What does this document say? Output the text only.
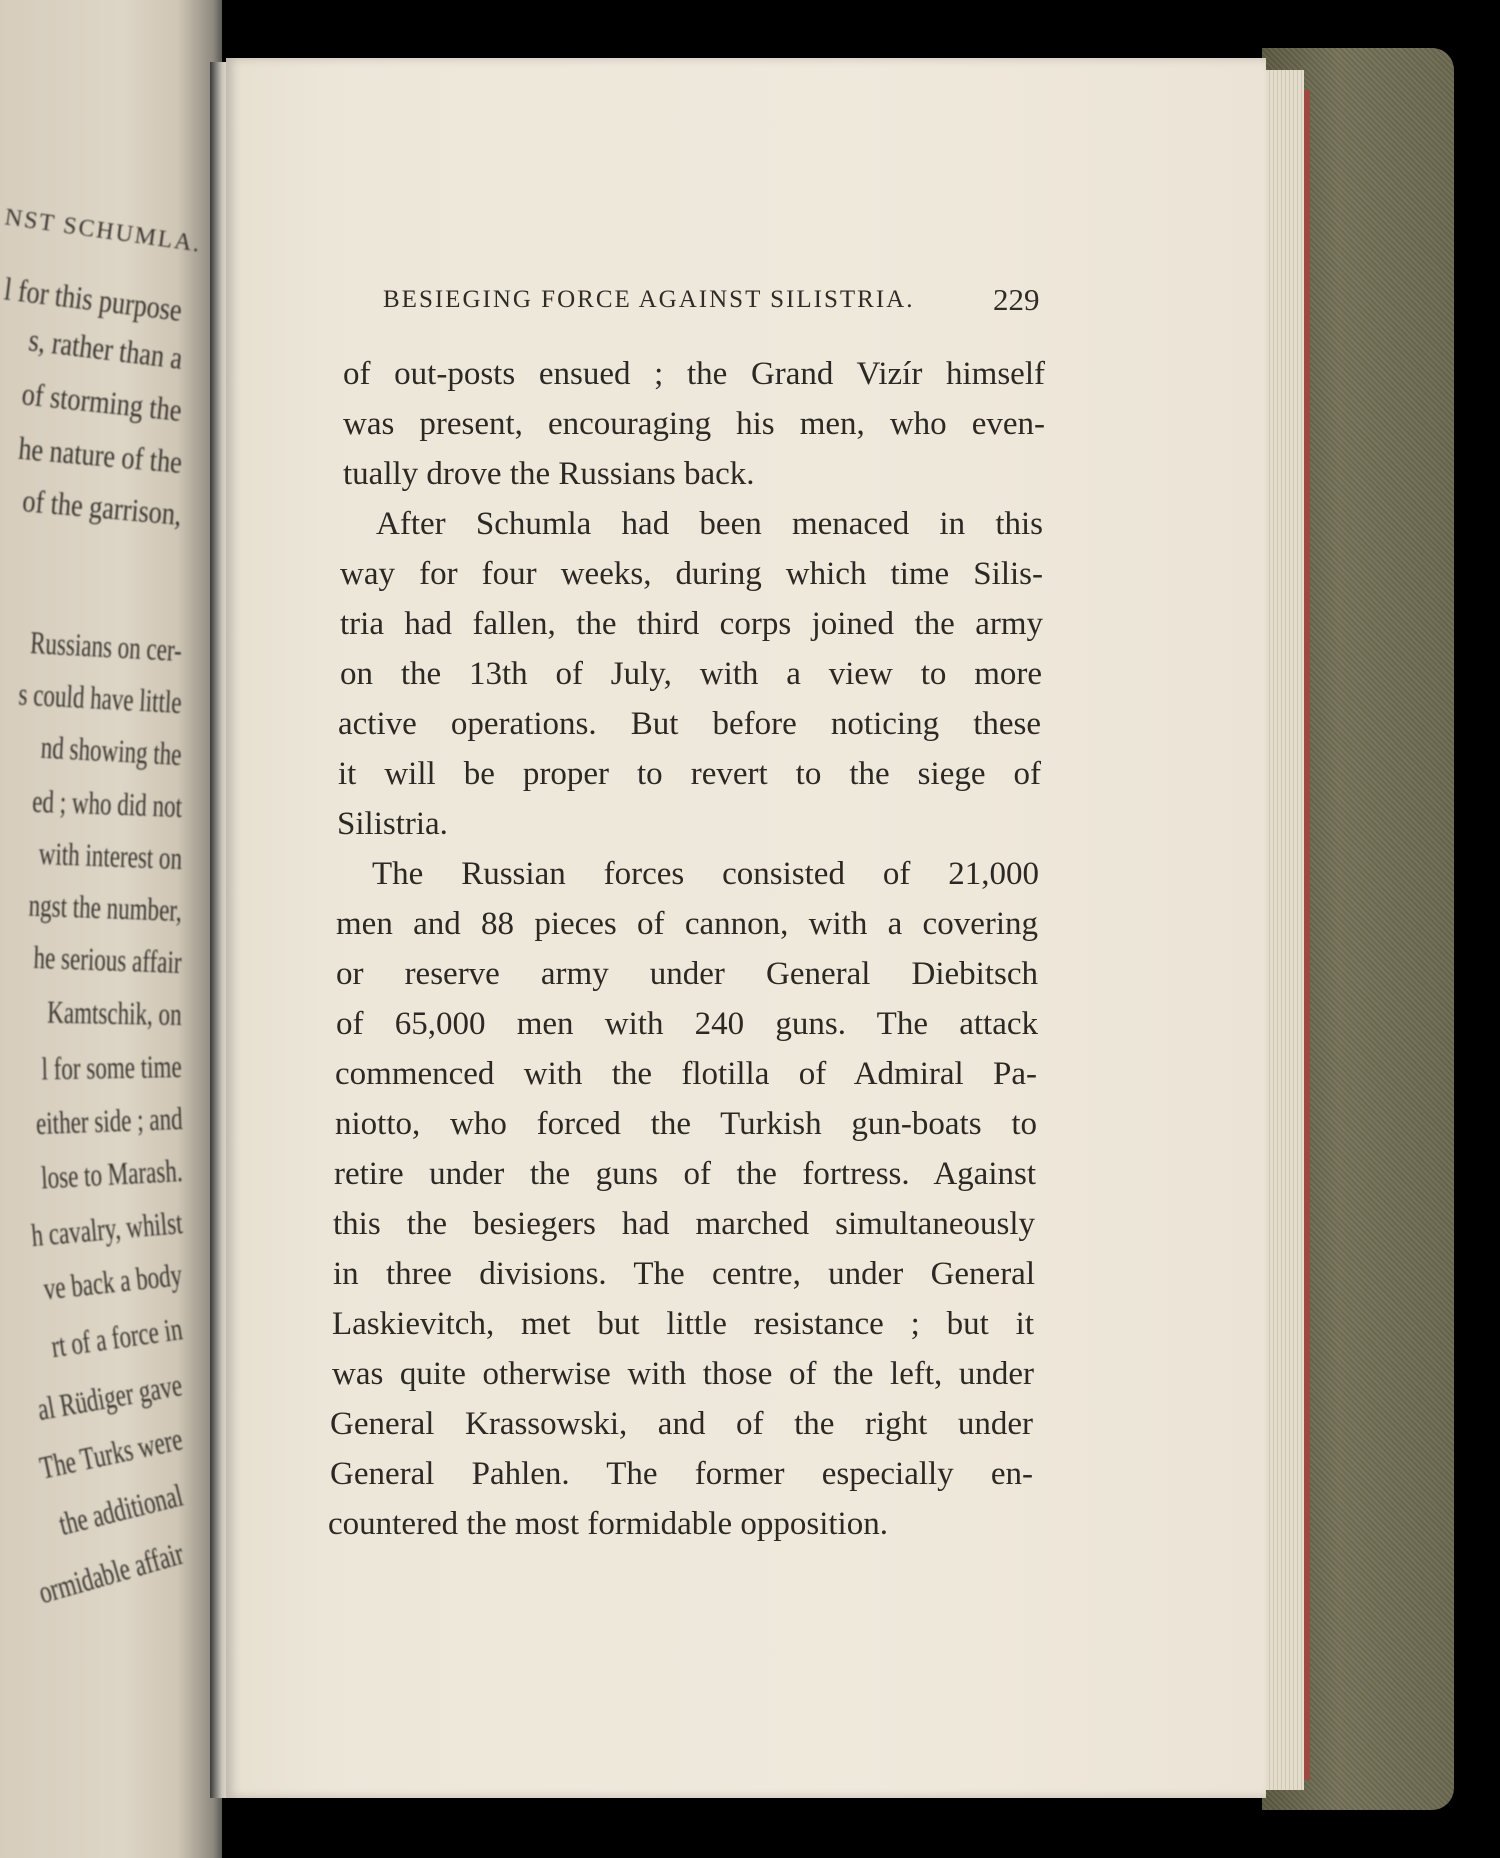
NST SCHUMLA.
l for this purpose
s, rather than a
of storming the
he nature of the
of the garrison,
Russians on cer-
s could have little
nd showing the
ed ; who did not
with interest on
ngst the number,
he serious affair
Kamtschik, on
l for some time
either side ; and
lose to Marash.
h cavalry, whilst
ve back a body
rt of a force in
al Rüdiger gave
The Turks were
the additional
ormidable affair
BESIEGING FORCE AGAINST SILISTRIA.	229
of out-posts ensued ; the Grand Vizír himself
was present, encouraging his men, who even-
tually drove the Russians back.
After Schumla had been menaced in this
way for four weeks, during which time Silis-
tria had fallen, the third corps joined the army
on the 13th of July, with a view to more
active operations. But before noticing these
it will be proper to revert to the siege of
Silistria.
The Russian forces consisted of 21,000
men and 88 pieces of cannon, with a covering
or reserve army under General Diebitsch
of 65,000 men with 240 guns. The attack
commenced with the flotilla of Admiral Pa-
niotto, who forced the Turkish gun-boats to
retire under the guns of the fortress. Against
this the besiegers had marched simultaneously
in three divisions. The centre, under General
Laskievitch, met but little resistance ; but it
was quite otherwise with those of the left, under
General Krassowski, and of the right under
General Pahlen. The former especially en-
countered the most formidable opposition.
